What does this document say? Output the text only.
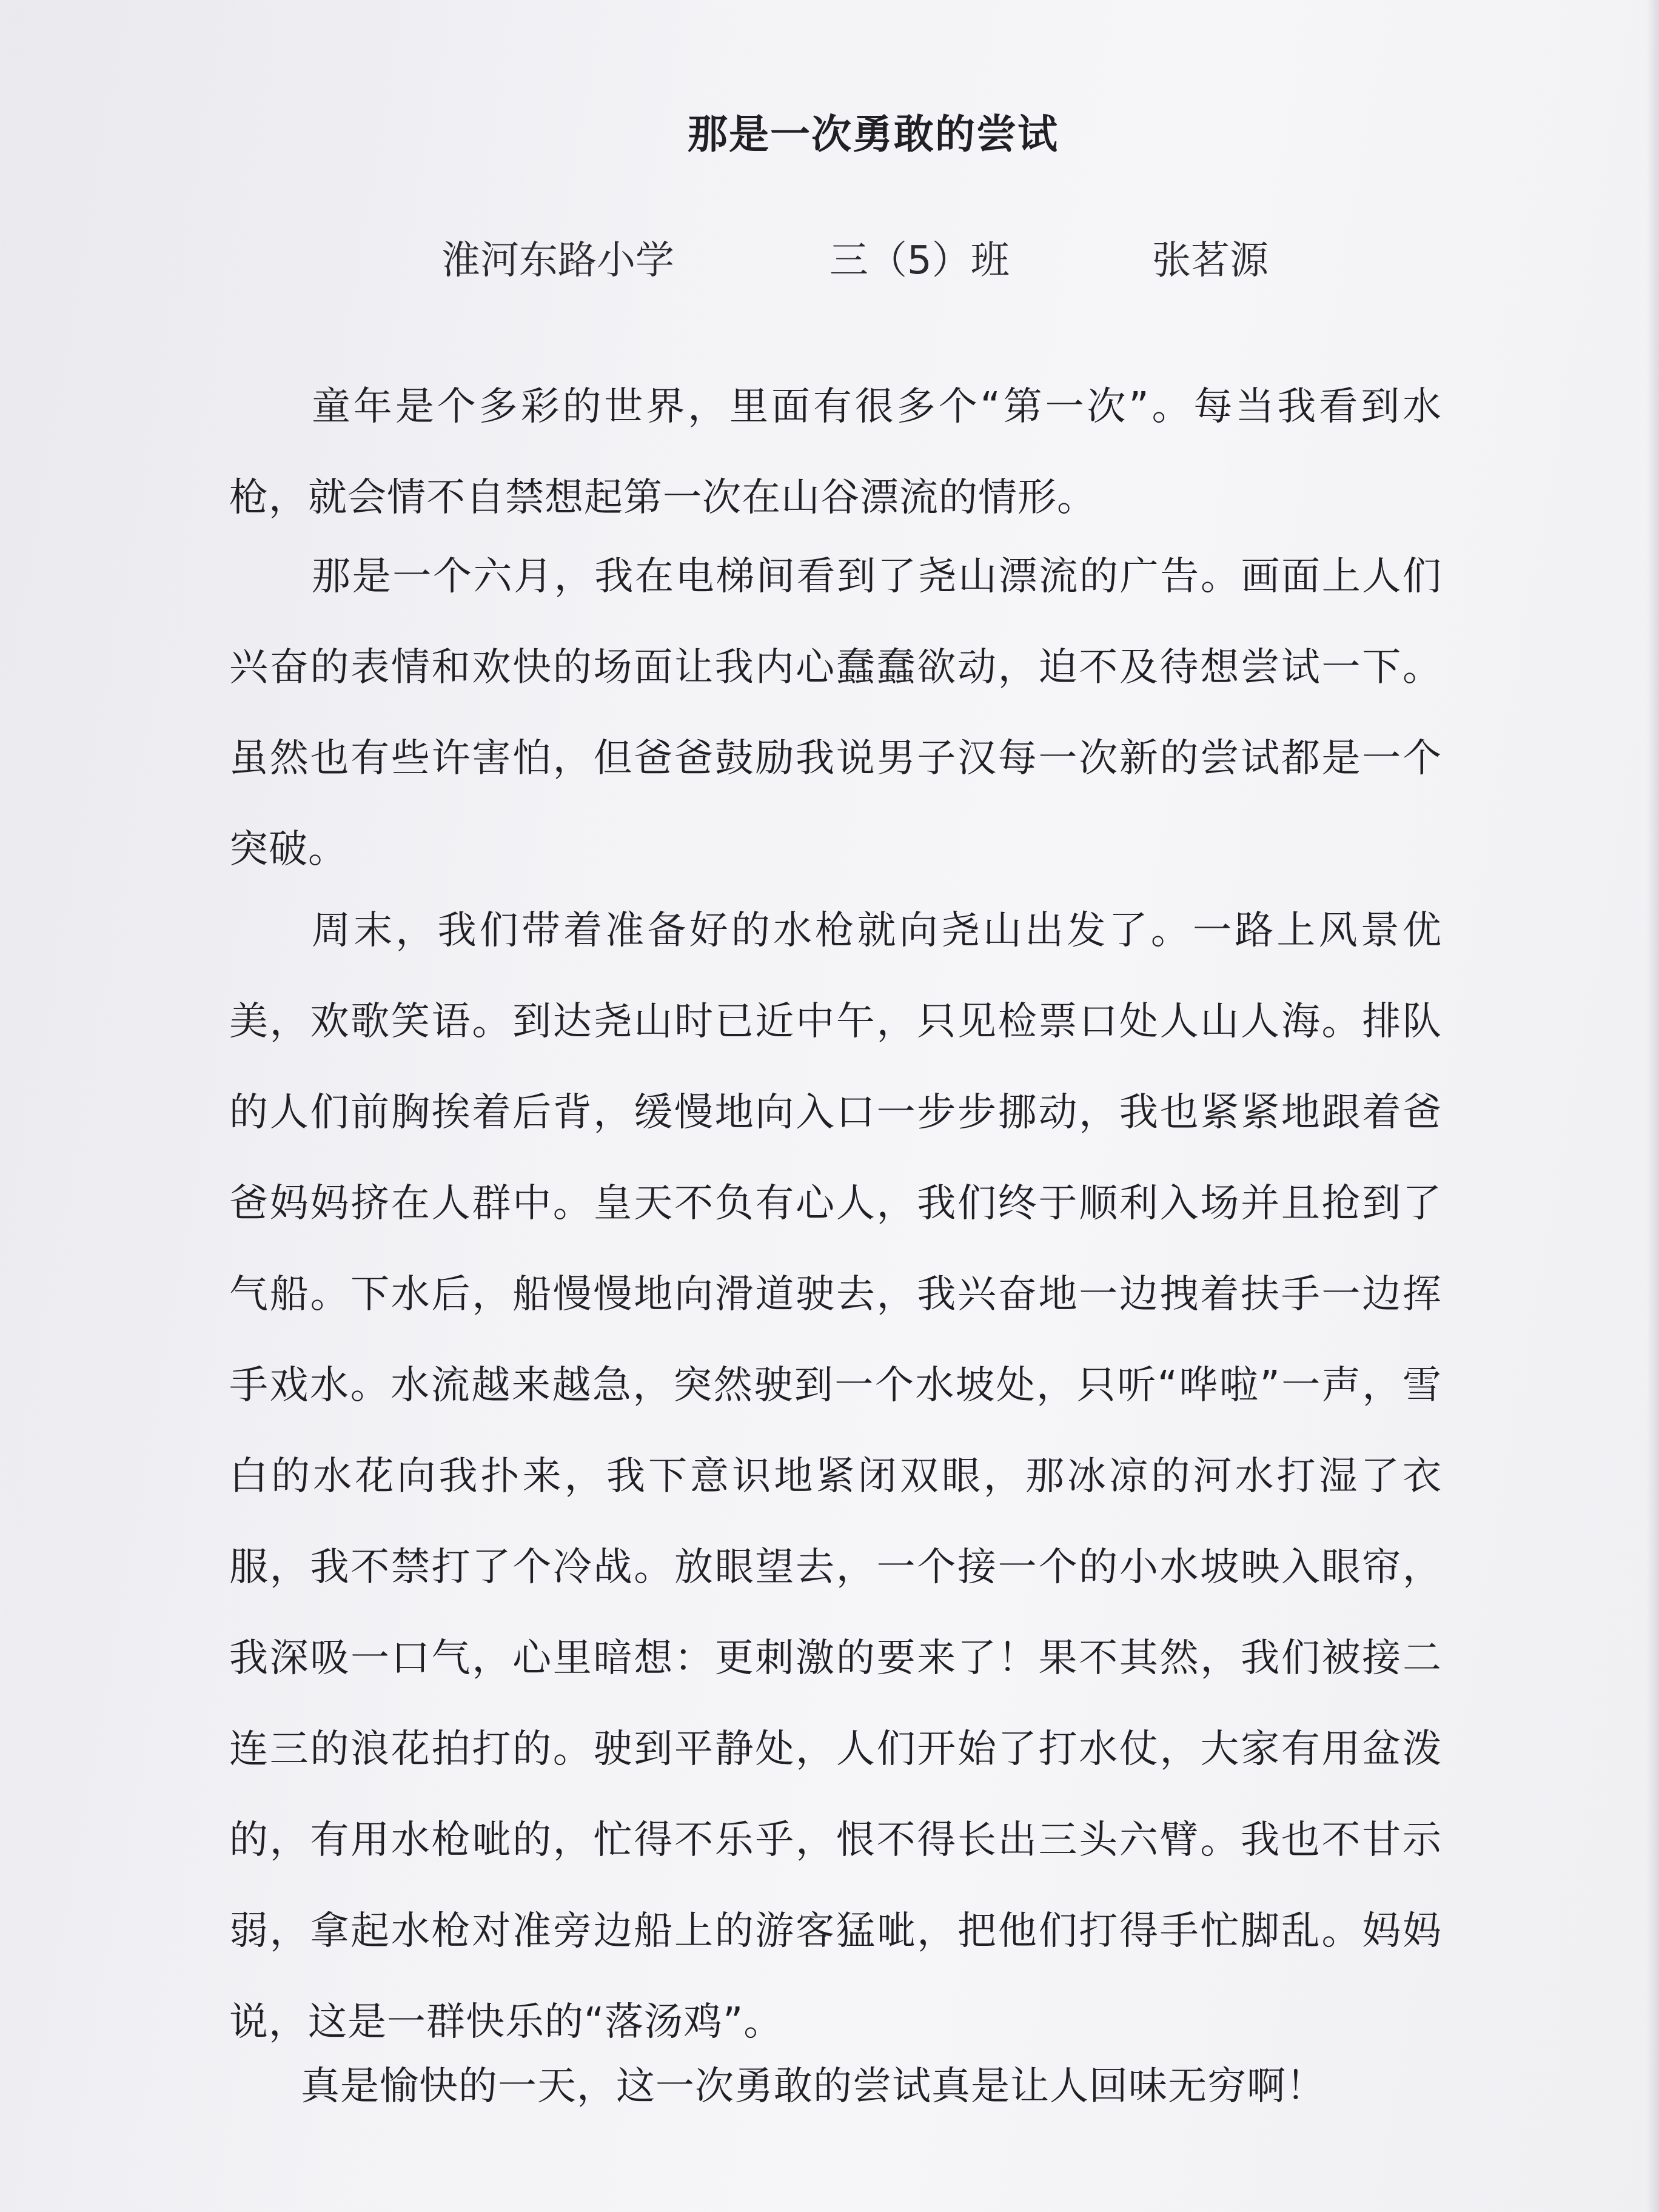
那是一次勇敢的尝试
淮河东路小学	三（5）班	张茗源
童年是个多彩的世界，里面有很多个“第一次”。每当我看到水枪，就会情不自禁想起第一次在山谷漂流的情形。
那是一个六月，我在电梯间看到了尧山漂流的广告。画面上人们兴奋的表情和欢快的场面让我内心蠢蠢欲动，迫不及待想尝试一下。虽然也有些许害怕，但爸爸鼓励我说男子汉每一次新的尝试都是一个突破。
周末，我们带着准备好的水枪就向尧山出发了。一路上风景优美，欢歌笑语。到达尧山时已近中午，只见检票口处人山人海。排队的人们前胸挨着后背，缓慢地向入口一步步挪动，我也紧紧地跟着爸爸妈妈挤在人群中。皇天不负有心人，我们终于顺利入场并且抢到了气船。下水后，船慢慢地向滑道驶去，我兴奋地一边拽着扶手一边挥手戏水。水流越来越急，突然驶到一个水坡处，只听“哗啦”一声，雪白的水花向我扑来，我下意识地紧闭双眼，那冰凉的河水打湿了衣服，我不禁打了个冷战。放眼望去，一个接一个的小水坡映入眼帘，我深吸一口气，心里暗想：更刺激的要来了！果不其然，我们被接二连三的浪花拍打的。驶到平静处，人们开始了打水仗，大家有用盆泼的，有用水枪呲的，忙得不乐乎，恨不得长出三头六臂。我也不甘示弱，拿起水枪对准旁边船上的游客猛呲，把他们打得手忙脚乱。妈妈说，这是一群快乐的“落汤鸡”。
真是愉快的一天，这一次勇敢的尝试真是让人回味无穷啊！
